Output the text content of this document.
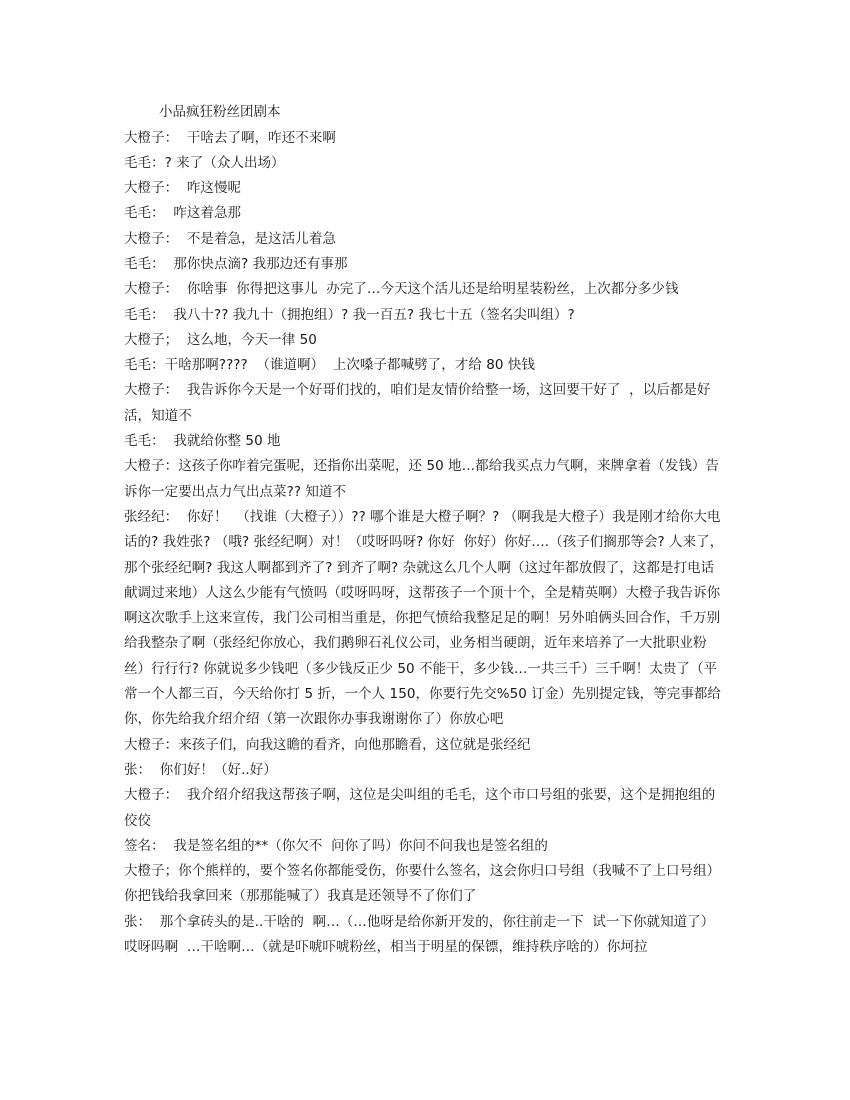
小品疯狂粉丝团剧本
大橙子：  干啥去了啊，咋还不来啊
毛毛：? 来了（众人出场）
大橙子：  咋这慢呢
毛毛：  咋这着急那
大橙子：  不是着急，是这活儿着急
毛毛：  那你快点滴? 我那边还有事那
大橙子：  你啥事  你得把这事儿  办完了…今天这个活儿还是给明星装粉丝，上次都分多少钱
毛毛：  我八十?? 我九十（拥抱组）? 我一百五? 我七十五（签名尖叫组）?
大橙子；  这么地，今天一律 50
毛毛：干啥那啊????  （谁道啊）  上次嗓子都喊劈了，才给 80 快钱
大橙子：  我告诉你今天是一个好哥们找的，咱们是友情价给整一场，这回要干好了  ，以后都是好活，知道不
毛毛：  我就给你整 50 地
大橙子：这孩子你咋着完蛋呢，还指你出菜呢，还 50 地…都给我买点力气啊，来牌拿着（发钱）告诉你一定要出点力气出点菜?? 知道不
张经纪：  你好！  （找谁（大橙子））?? 哪个谁是大橙子啊？? （啊我是大橙子）我是刚才给你大电话的? 我姓张? （哦? 张经纪啊）对！（哎呀吗呀? 你好  你好）你好….（孩子们搁那等会? 人来了，那个张经纪啊? 我这人啊都到齐了? 到齐了啊? 杂就这么几个人啊（这过年都放假了，这都是打电话献调过来地）人这么少能有气愤吗（哎呀吗呀，这帮孩子一个顶十个，全是精英啊）大橙子我告诉你啊这次歌手上这来宣传，我门公司相当重是，你把气愤给我整足足的啊！另外咱俩头回合作，千万别给我整杂了啊（张经纪你放心，我们鹅卵石礼仪公司，业务相当硬朗，近年来培养了一大批职业粉丝）行行行? 你就说多少钱吧（多少钱反正少 50 不能干，多少钱…一共三千）三千啊！太贵了（平常一个人都三百，今天给你打 5 折，一个人 150，你要行先交%50 订金）先别提定钱，等完事都给你，你先给我介绍介绍（第一次跟你办事我谢谢你了）你放心吧
大橙子：来孩子们，向我这瞻的看齐，向他那瞻看，这位就是张经纪
张：  你们好！（好..好）
大橙子：  我介绍介绍我这帮孩子啊，这位是尖叫组的毛毛，这个市口号组的张要，这个是拥抱组的佼佼
签名：  我是签名组的**（你欠不  问你了吗）你问不问我也是签名组的
大橙子；你个熊样的，要个签名你都能受伤，你要什么签名，这会你归口号组（我喊不了上口号组）你把钱给我拿回来（那那能喊了）我真是还领导不了你们了
张：  那个拿砖头的是..干啥的  啊…（…他呀是给你新开发的，你往前走一下  试一下你就知道了）哎呀吗啊  …干啥啊…（就是吓唬吓唬粉丝，相当于明星的保镖，维持秩序啥的）你坷拉
